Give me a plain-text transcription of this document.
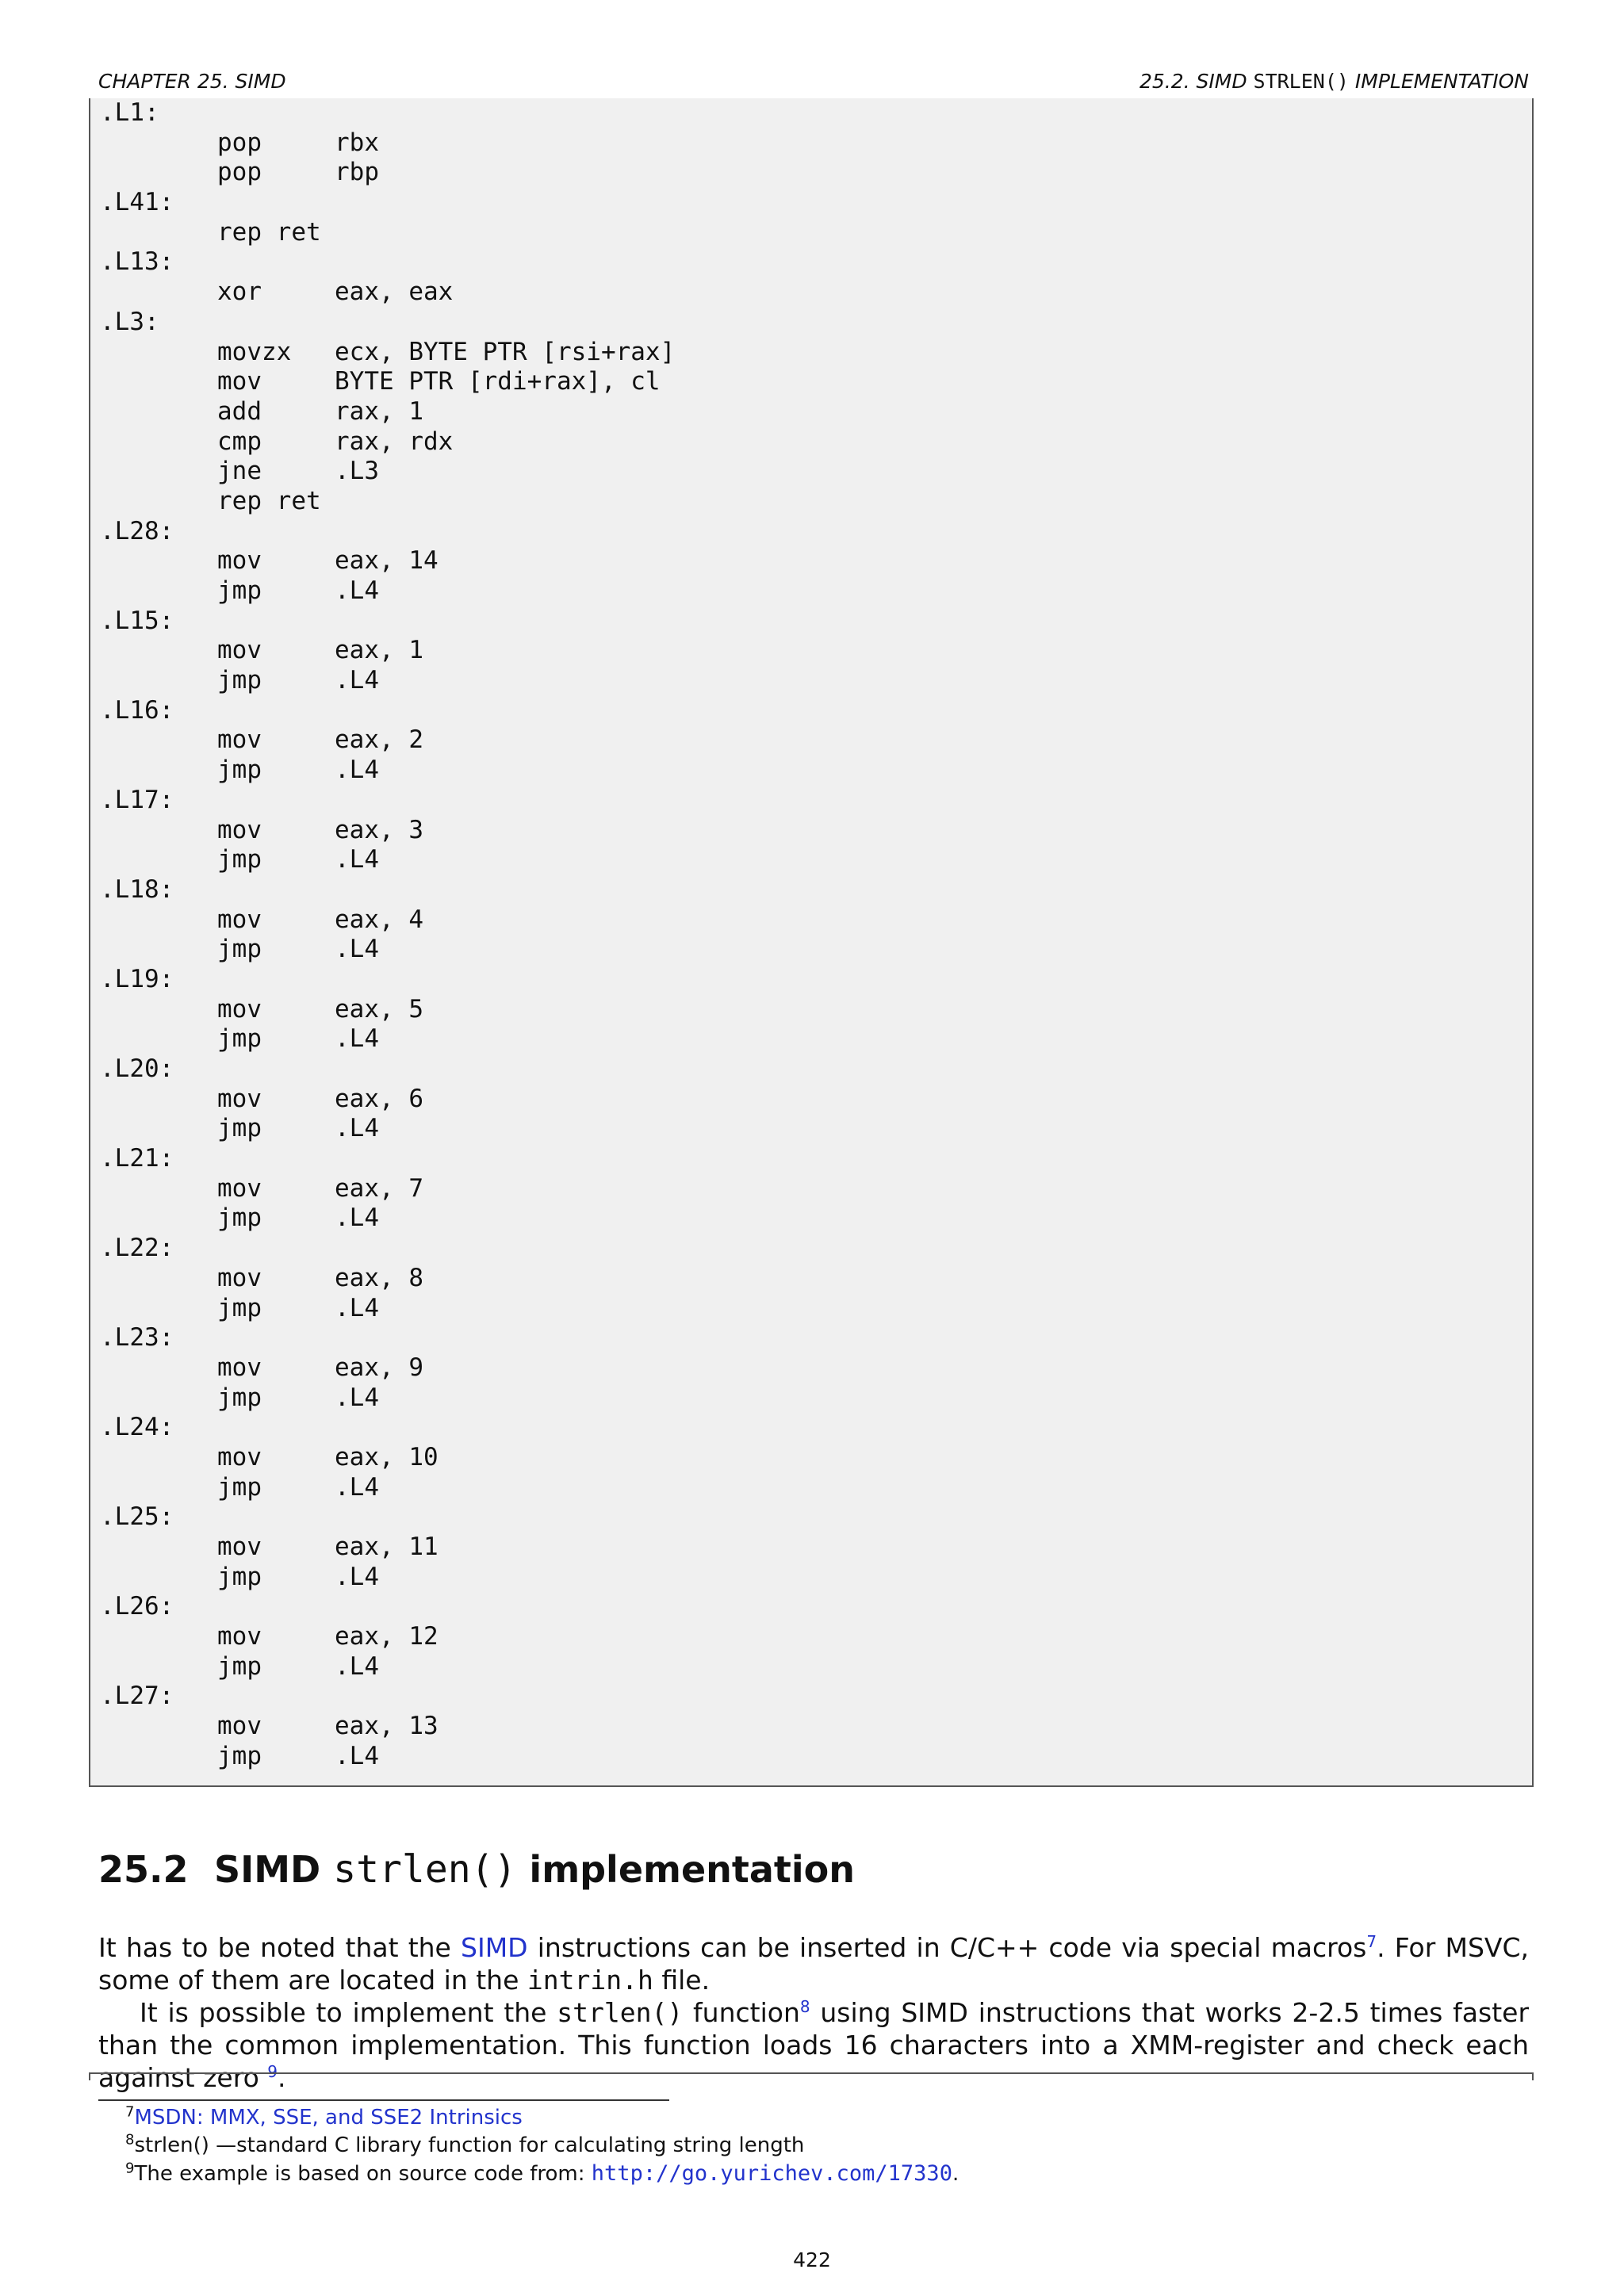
CHAPTER 25. SIMD	25.2. SIMD STRLEN() IMPLEMENTATION
.L1:
pop	rbx
pop	rbp
.L41:
rep ret
.L13:
xor	eax, eax
.L3:
movzx ecx, BYTE PTR [rsi+rax]
mov	BYTE PTR [rdi+rax], cl
add	rax, 1
cmp	rax, rdx
jne	.L3
rep ret
.L28:
mov	eax, 14
jmp	.L4
.L15:
mov	eax, 1
jmp	.L4
.L16:
mov	eax, 2
jmp	.L4
.L17:
mov	eax, 3
jmp	.L4
.L18:
mov	eax, 4
jmp	.L4
.L19:
mov	eax, 5
jmp	.L4
.L20:
mov	eax, 6
jmp	.L4
.L21:
mov	eax, 7
jmp	.L4
.L22:
mov	eax, 8
jmp	.L4
.L23:
mov	eax, 9
jmp	.L4
.L24:
mov	eax, 10
jmp	.L4
.L25:
mov	eax, 11
jmp	.L4
.L26:
mov	eax, 12
jmp	.L4
.L27:
mov	eax, 13
jmp	.L4
25.2 SIMD strlen() implementation
It has to be noted that the SIMD instructions can be inserted in C/C++ code via special macros$^7$. For MSVC, some of them are located in the intrin.h file.
It is possible to implement the strlen() function$^8$ using SIMD instructions that works 2-2.5 times faster than the common implementation. This function loads 16 characters into a XMM-register and check each against zero $^9$.
$^7$MSDN: MMX, SSE, and SSE2 Intrinsics
$^8$strlen() —standard C library function for calculating string length
$^9$The example is based on source code from: http://go.yurichev.com/17330.
422
